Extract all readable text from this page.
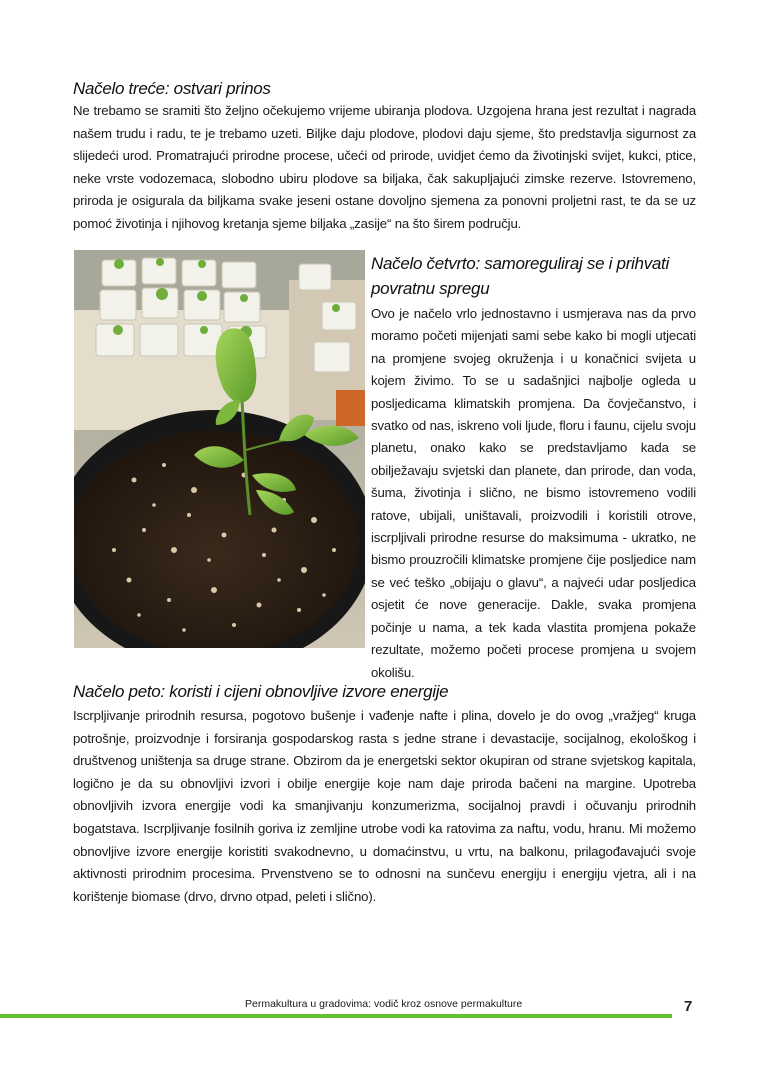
Načelo treće: ostvari prinos

Ne trebamo se sramiti što željno očekujemo vrijeme ubiranja plodova. Uzgojena hrana jest rezultat i nagrada našem trudu i radu, te je trebamo uzeti. Biljke daju plodove, plodovi daju sjeme, što predstavlja sigurnost za slijedeći urod. Promatrajući prirodne procese, učeći od prirode, uvidjet ćemo da životinjski svijet, kukci, ptice, neke vrste vodozemaca, slobodno ubiru plodove sa biljaka, čak sakupljajući zimske rezerve. Istovremeno, priroda je osigurala da biljkama svake jeseni ostane dovoljno sjemena za ponovni proljetni rast, te da se uz pomoć životinja i njihovog kretanja sjeme biljaka „zasije“ na što širem području.

Načelo četvrto: samoreguliraj se i prihvati povratnu spregu

Ovo je načelo vrlo jednostavno i usmjerava nas da prvo moramo početi mijenjati sami sebe kako bi mogli utjecati na promjene svojeg okruženja i u konačnici svijeta u kojem živimo. To se u sadašnjici najbolje ogleda u posljedicama klimatskih promjena. Da čovječanstvo, i svatko od nas, iskreno voli ljude, floru i faunu, cijelu svoju planetu, onako kako se predstavljamo kada se obilježavaju svjetski dan planete, dan prirode, dan voda, šuma, životinja i slično, ne bismo istovremeno vodili ratove, ubijali, uništavali, proizvodili i koristili otrove, iscrpljivali prirodne resurse do maksimuma - ukratko, ne bismo prouzročili klimatske promjene čije posljedice nam se već teško „obijaju o glavu“, a najveći udar posljedica osjetit će nove generacije. Dakle, svaka promjena počinje u nama, a tek kada vlastita promjena pokaže rezultate, možemo početi procese promjena u svojem okolišu.

Načelo peto: koristi i cijeni obnovljive izvore energije

Iscrpljivanje prirodnih resursa, pogotovo bušenje i vađenje nafte i plina, dovelo je do ovog „vražjeg“ kruga potrošnje, proizvodnje i forsiranja gospodarskog rasta s jedne strane i devastacije, socijalnog, ekološkog i društvenog uništenja sa druge strane. Obzirom da je energetski sektor okupiran od strane svjetskog kapitala, logično je da su obnovljivi izvori i obilje energije koje nam daje priroda bačeni na margine. Upotreba obnovljivih izvora energije vodi ka smanjivanju konzumerizma, socijalnoj pravdi i očuvanju prirodnih bogatstava. Iscrpljivanje fosilnih goriva iz zemljine utrobe vodi ka ratovima za naftu, vodu, hranu. Mi možemo obnovljive izvore energije koristiti svakodnevno, u domaćinstvu, u vrtu, na balkonu, prilagođavajući svoje aktivnosti prirodnim procesima. Prvenstveno se to odnosni na sunčevu energiju i energiju vjetra, ali i na korištenje biomase (drvo, drvno otpad, peleti i slično).

Permakultura u gradovima: vodič kroz osnove permakulture	7
